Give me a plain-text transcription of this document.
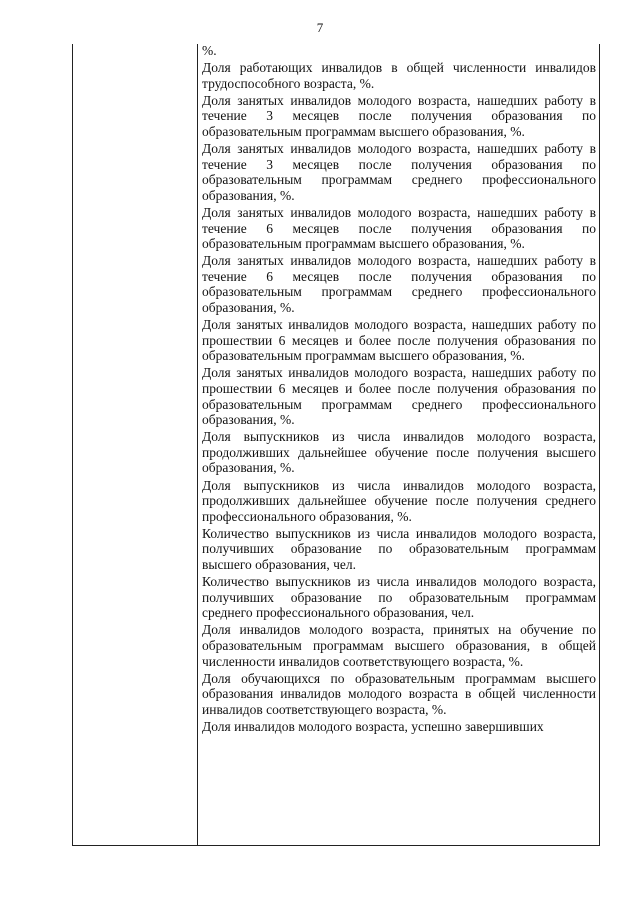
7

%.

Доля работающих инвалидов в общей численности инвалидов трудоспособного возраста, %.

Доля занятых инвалидов молодого возраста, нашедших работу в течение 3 месяцев после получения образования по образовательным программам высшего образования, %.

Доля занятых инвалидов молодого возраста, нашедших работу в течение 3 месяцев после получения образования по образовательным программам среднего профессионального образования, %.

Доля занятых инвалидов молодого возраста, нашедших работу в течение 6 месяцев после получения образования по образовательным программам высшего образования, %.

Доля занятых инвалидов молодого возраста, нашедших работу в течение 6 месяцев после получения образования по образовательным программам среднего профессионального образования, %.

Доля занятых инвалидов молодого возраста, нашедших работу по прошествии 6 месяцев и более после получения образования по образовательным программам высшего образования, %.

Доля занятых инвалидов молодого возраста, нашедших работу по прошествии 6 месяцев и более после получения образования по образовательным программам среднего профессионального образования, %.

Доля выпускников из числа инвалидов молодого возраста, продолживших дальнейшее обучение после получения высшего образования, %.

Доля выпускников из числа инвалидов молодого возраста, продолживших дальнейшее обучение после получения среднего профессионального образования, %.

Количество выпускников из числа инвалидов молодого возраста, получивших образование по образовательным программам высшего образования, чел.

Количество выпускников из числа инвалидов молодого возраста, получивших образование по образовательным программам среднего профессионального образования, чел.

Доля инвалидов молодого возраста, принятых на обучение по образовательным программам высшего образования, в общей численности инвалидов соответствующего возраста, %.

Доля обучающихся по образовательным программам высшего образования инвалидов молодого возраста в общей численности инвалидов соответствующего возраста, %.

Доля инвалидов молодого возраста, успешно завершивших
